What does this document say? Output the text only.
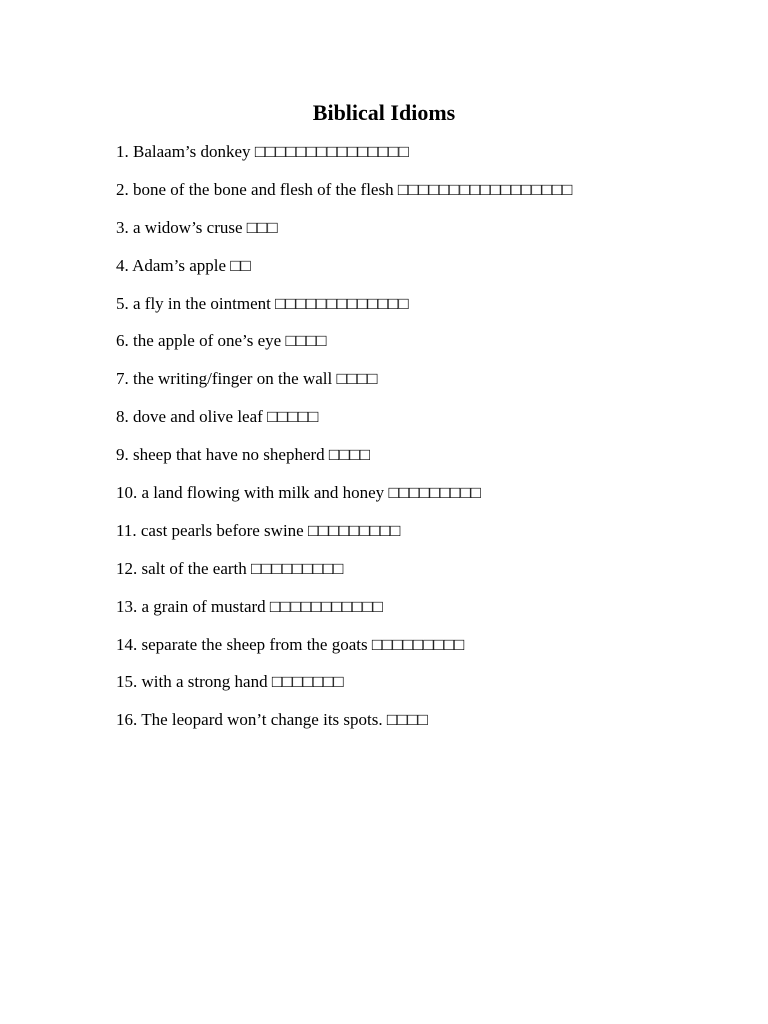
Biblical Idioms
1. Balaam’s donkey □□□□□□□□□□□□□□□
2. bone of the bone and flesh of the flesh □□□□□□□□□□□□□□□□□
3. a widow’s cruse □□□
4. Adam’s apple □□
5. a fly in the ointment □□□□□□□□□□□□□
6. the apple of one’s eye □□□□
7. the writing/finger on the wall □□□□
8. dove and olive leaf □□□□□
9. sheep that have no shepherd □□□□
10. a land flowing with milk and honey □□□□□□□□□
11. cast pearls before swine □□□□□□□□□
12. salt of the earth □□□□□□□□□
13. a grain of mustard □□□□□□□□□□□
14. separate the sheep from the goats □□□□□□□□□
15. with a strong hand □□□□□□□
16. The leopard won’t change its spots. □□□□
